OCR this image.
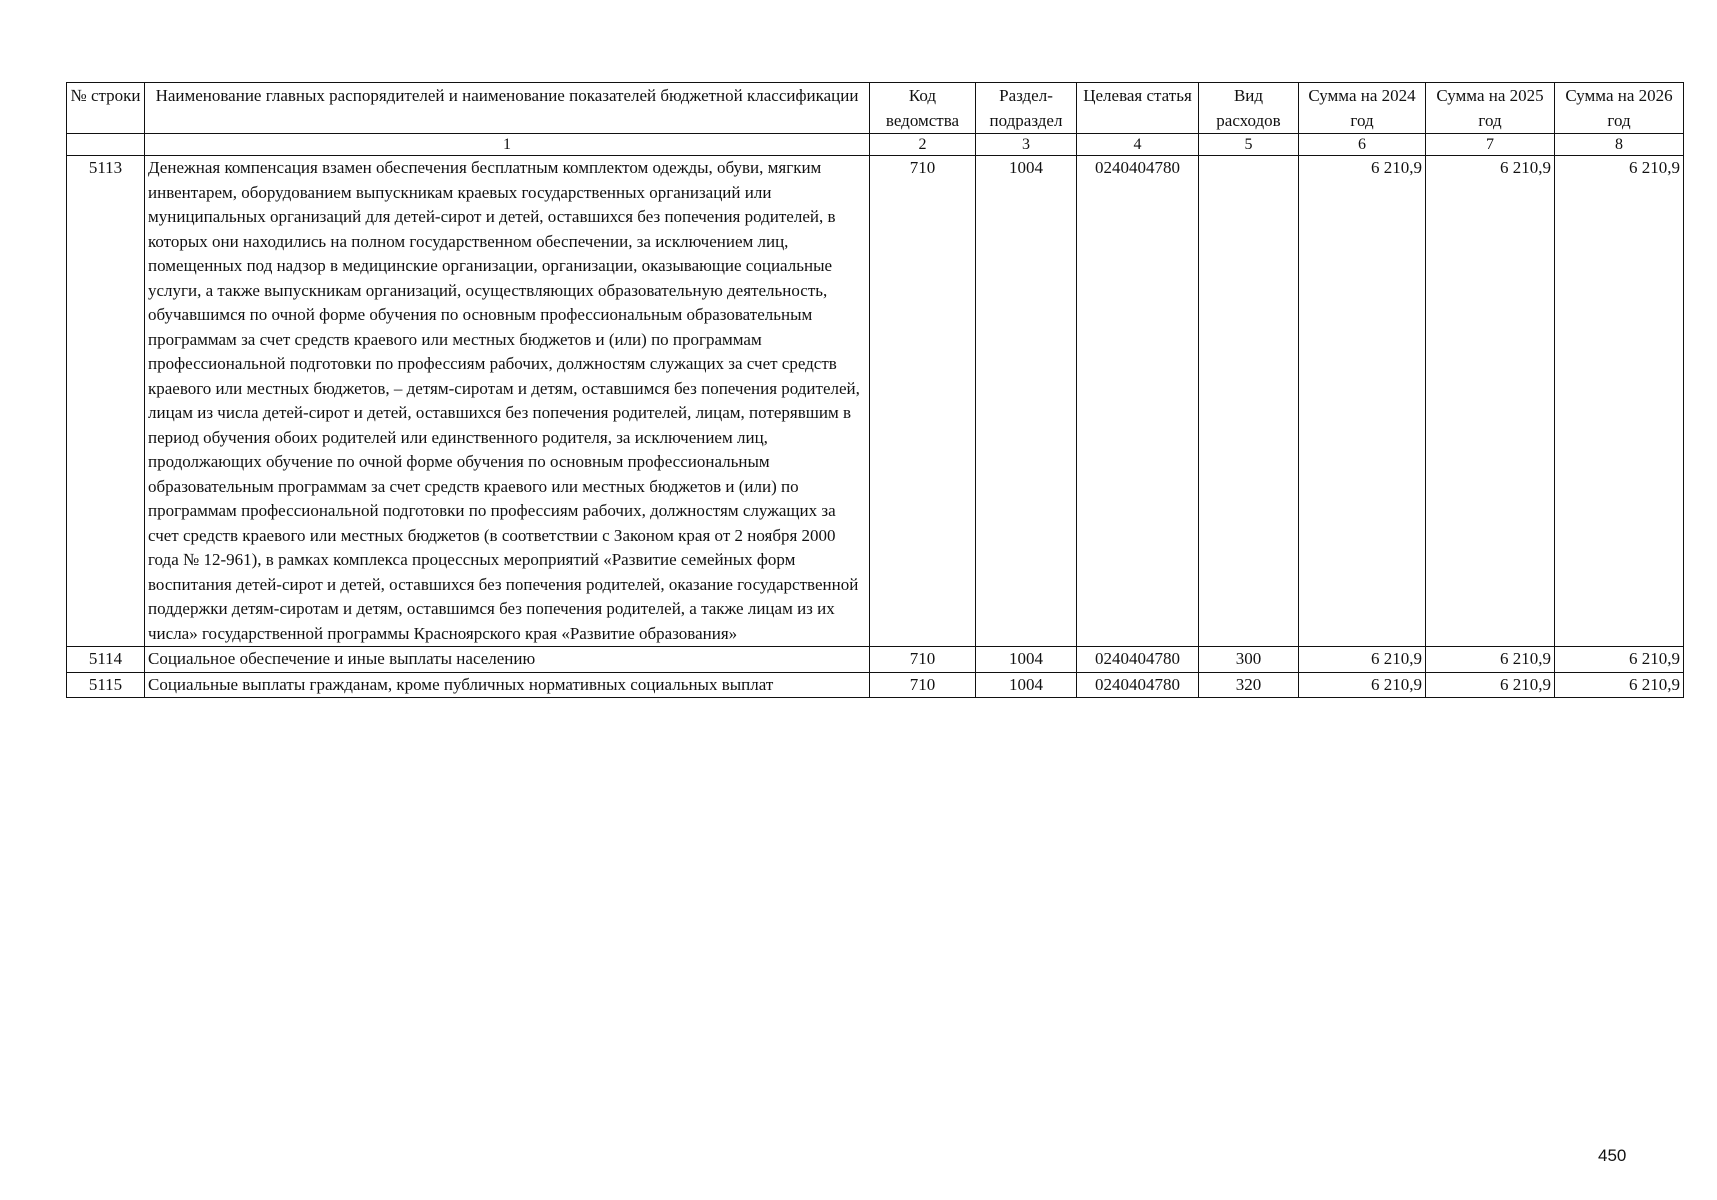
№ строки	Наименование главных распорядителей и наименование показателей бюджетной классификации	Код ведомства	Раздел-подраздел	Целевая статья	Вид расходов	Сумма на 2024 год	Сумма на 2025 год	Сумма на 2026 год
	1	2	3	4	5	6	7	8
5113	Денежная компенсация взамен обеспечения бесплатным комплектом одежды, обуви, мягким инвентарем, оборудованием выпускникам краевых государственных организаций или муниципальных организаций для детей-сирот и детей, оставшихся без попечения родителей, в которых они находились на полном государственном обеспечении, за исключением лиц, помещенных под надзор в медицинские организации, организации, оказывающие социальные услуги, а также выпускникам организаций, осуществляющих образовательную деятельность, обучавшимся по очной форме обучения по основным профессиональным образовательным программам за счет средств краевого или местных бюджетов и (или) по программам профессиональной подготовки по профессиям рабочих, должностям служащих за счет средств краевого или местных бюджетов, – детям-сиротам и детям, оставшимся без попечения родителей, лицам из числа детей-сирот и детей, оставшихся без попечения родителей, лицам, потерявшим в период обучения обоих родителей или единственного родителя, за исключением лиц, продолжающих обучение по очной форме обучения по основным профессиональным образовательным программам за счет средств краевого или местных бюджетов и (или) по программам профессиональной подготовки по профессиям рабочих, должностям служащих за счет средств краевого или местных бюджетов (в соответствии с Законом края от 2 ноября 2000 года № 12-961), в рамках комплекса процессных мероприятий «Развитие семейных форм воспитания детей-сирот и детей, оставшихся без попечения родителей, оказание государственной поддержки детям-сиротам и детям, оставшимся без попечения родителей, а также лицам из их числа» государственной программы Красноярского края «Развитие образования»	710	1004	0240404780		6 210,9	6 210,9	6 210,9
5114	Социальное обеспечение и иные выплаты населению	710	1004	0240404780	300	6 210,9	6 210,9	6 210,9
5115	Социальные выплаты гражданам, кроме публичных нормативных социальных выплат	710	1004	0240404780	320	6 210,9	6 210,9	6 210,9
450
